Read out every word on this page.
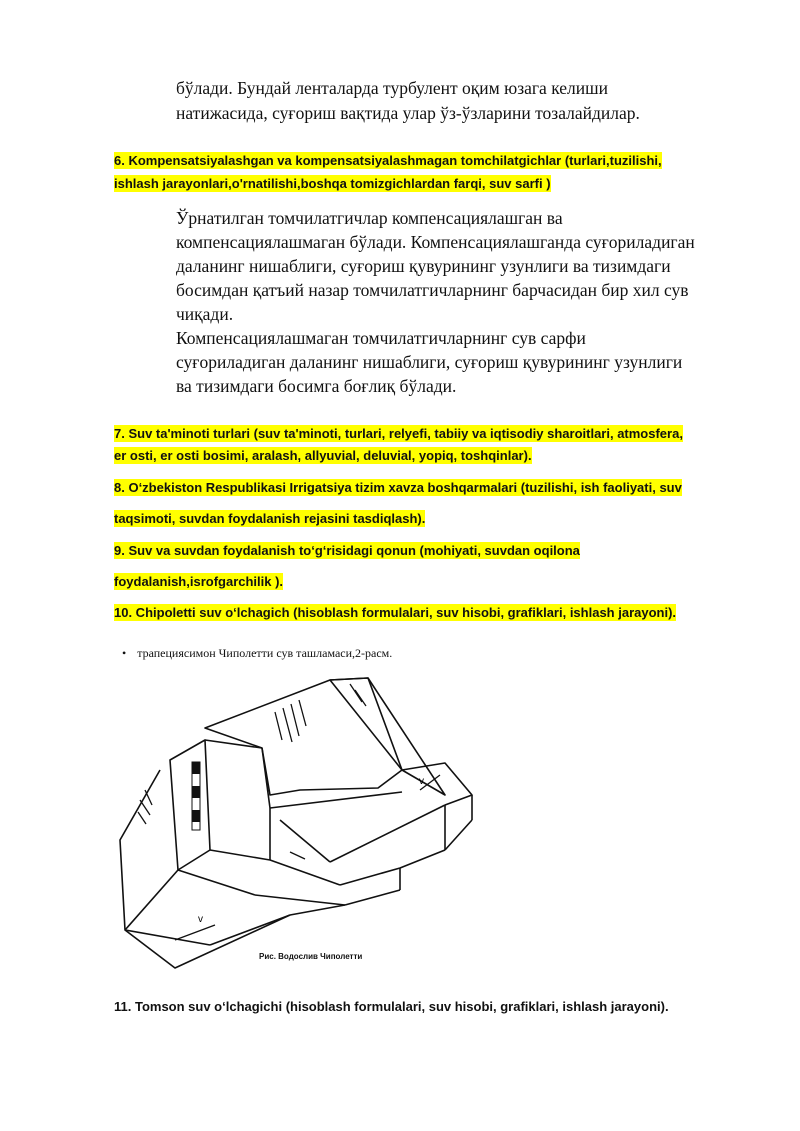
бўлади. Бундай ленталарда турбулент оқим юзага келиши
натижасида, суғориш вақтида улар ўз-ўзларини тозалайдилар.
6. Kompensatsiyalashgan va kompensatsiyalashmagan tomchilatgichlar (turlari,tuzilishi,
ishlash jarayonlari,o'rnatilishi,boshqa tomizgichlardan farqi, suv sarfi )
Ўрнатилган томчилатгичлар компенсациялашган ва
компенсациялашмаган бўлади. Компенсациялашганда суғориладиган
даланинг нишаблиги, суғориш қувурининг узунлиги ва тизимдаги
босимдан қатъий назар томчилатгичларнинг барчасидан бир хил сув
чиқади.
Компенсациялашмаган томчилатгичларнинг сув сарфи
суғориладиган даланинг нишаблиги, суғориш қувурининг узунлиги
ва тизимдаги босимга боғлиқ бўлади.
7. Suv ta'minoti turlari (suv ta'minoti, turlari, relyefi, tabiiy va iqtisodiy sharoitlari, atmosfera,
er osti, er osti bosimi, aralash, allyuvial, deluvial, yopiq, toshqinlar).
8. O‘zbekiston Respublikasi Irrigatsiya tizim xavza boshqarmalari (tuzilishi, ish faoliyati, suv
taqsimoti, suvdan foydalanish rejasini tasdiqlash).
9. Suv va suvdan foydalanish to‘g‘risidagi qonun (mohiyati, suvdan oqilona
foydalanish,isrofgarchilik ).
10. Chipoletti suv o‘lchagich (hisoblash formulalari, suv hisobi, grafiklari, ishlash jarayoni).
• трапециясимон Чиполетти сув ташламаси,2-расм.
v
v
Рис. Водослив Чиполетти
11. Tomson suv o‘lchagichi (hisoblash formulalari, suv hisobi, grafiklari, ishlash jarayoni).
